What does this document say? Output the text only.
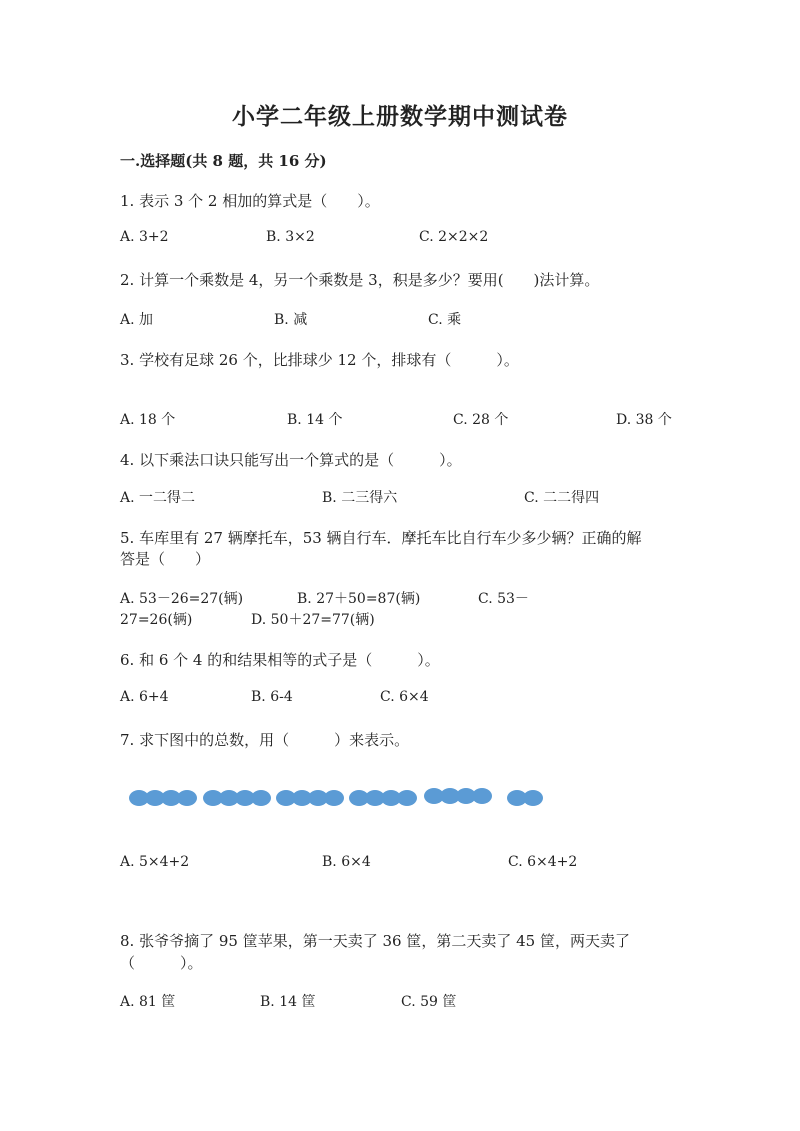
小学二年级上册数学期中测试卷
一.选择题(共 8 题，共 16 分)
1. 表示 3 个 2 相加的算式是（　　）。
A. 3+2	B. 3×2	C. 2×2×2
2. 计算一个乘数是 4，另一个乘数是 3，积是多少？要用(　　)法计算。
A. 加	B. 减	C. 乘
3. 学校有足球 26 个，比排球少 12 个，排球有（　　　）。
A. 18 个	B. 14 个	C. 28 个	D. 38 个
4. 以下乘法口诀只能写出一个算式的是（　　　）。
A. 一二得二	B. 二三得六	C. 二二得四
5. 车库里有 27 辆摩托车，53 辆自行车．摩托车比自行车少多少辆？正确的解
答是（　　）
A. 53－26=27(辆)	B. 27＋50=87(辆)	C. 53－
27=26(辆)	D. 50＋27=77(辆)
6. 和 6 个 4 的和结果相等的式子是（　　　）。
A. 6+4	B. 6-4	C. 6×4
7. 求下图中的总数，用（　　　）来表示。
A. 5×4+2	B. 6×4	C. 6×4+2
8. 张爷爷摘了 95 筐苹果，第一天卖了 36 筐，第二天卖了 45 筐，两天卖了
（　　　）。
A. 81 筐	B. 14 筐	C. 59 筐
